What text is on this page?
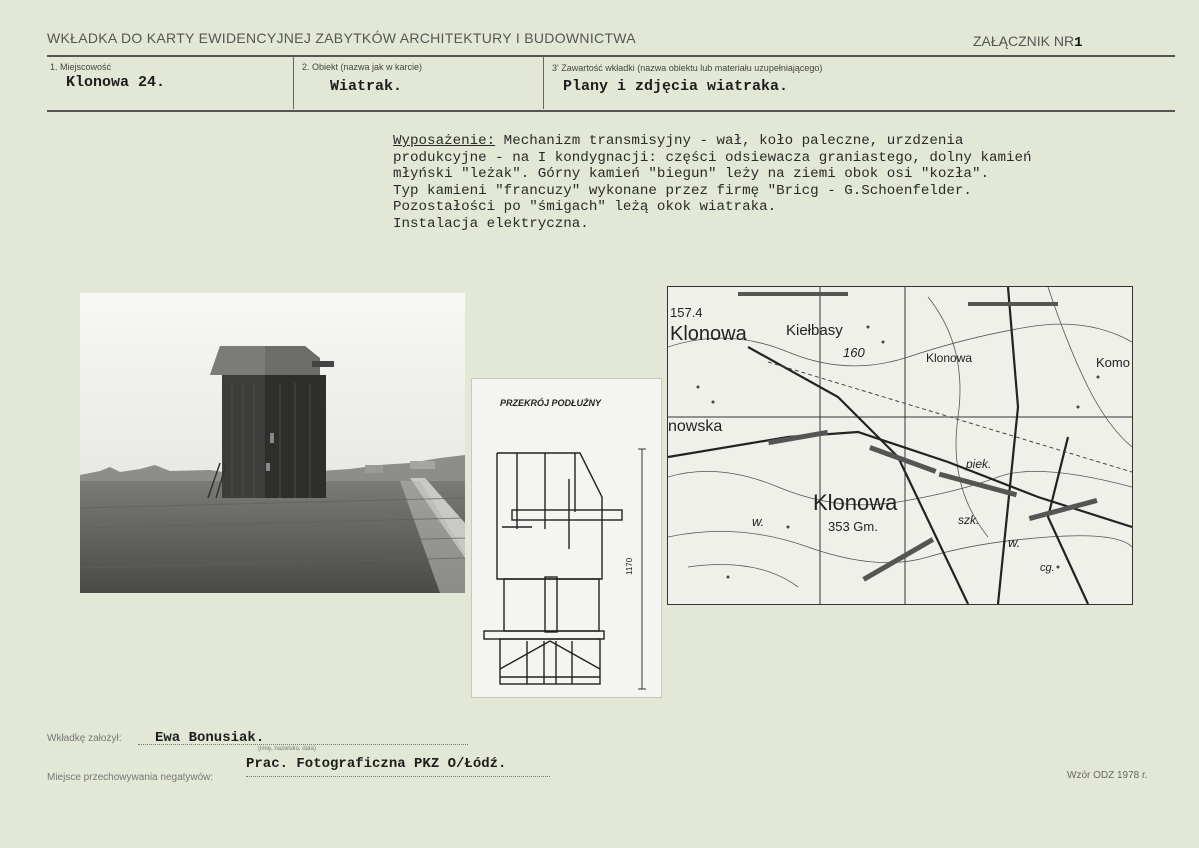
WKŁADKA DO KARTY EWIDENCYJNEJ ZABYTKÓW ARCHITEKTURY I BUDOWNICTWA	ZAŁĄCZNIK NR1
1. Miejscowość
Klonowa 24.
2. Obiekt (nazwa jak w karcie)
Wiatrak.
3' Zawartość wkładki (nazwa obiektu lub materiału uzupełniającego)
Plany i zdjęcia wiatraka.
Wyposażenie: Mechanizm transmisyjny - wał, koło paleczne, urzdzenia
produkcyjne - na I kondygnacji: części odsiewacza graniastego, dolny kamień
młyński "leżak". Górny kamień "biegun" leży na ziemi obok osi "kozła".
Typ kamieni "francuzy" wykonane przez firmę "Bricg - G.Schoenfelder.
Pozostałości po "śmigach" leżą okok wiatraka.
Instalacja elektryczna.
PRZEKRÓJ PODŁUŻNY
1170
157.4
Klonowa	Kiełbasy
160	Klonowa	Komo
nowska
piek.
Klonowa
353 Gm.	szk.
w.
w.
cg.
Wkładkę założył: Ewa Bonusiak.
(imię, nazwisko, data)
Miejsce przechowywania negatywów:
Prac. Fotograficzna PKZ O/Łódź.
Wzór ODZ 1978 r.
